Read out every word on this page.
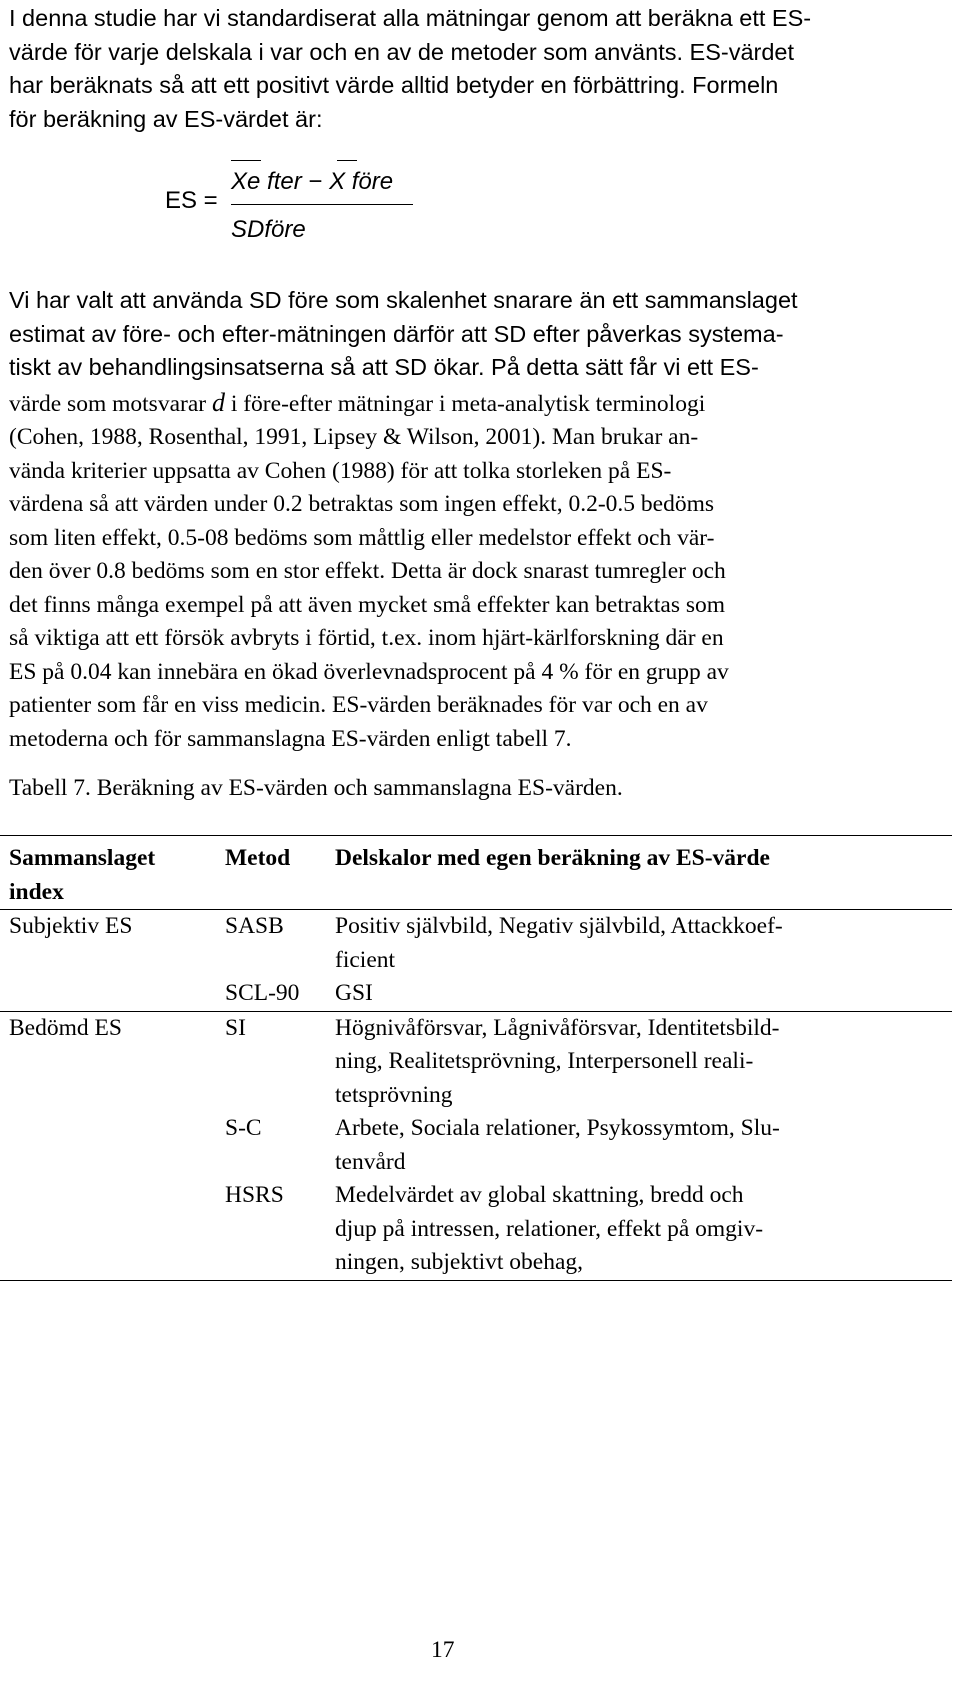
I denna studie har vi standardiserat alla mätningar genom att beräkna ett ES-
värde för varje delskala i var och en av de metoder som använts. ES-värdet
har beräknats så att ett positivt värde alltid betyder en förbättring. Formeln
för beräkning av ES-värdet är:

ES =
Xe fter − X före
SDföre

Vi har valt att använda SD före som skalenhet snarare än ett sammanslaget
estimat av före- och efter-mätningen därför att SD efter påverkas systema-
tiskt av behandlingsinsatserna så att SD ökar. På detta sätt får vi ett ES-
värde som motsvarar d i före-efter mätningar i meta-analytisk terminologi
(Cohen, 1988, Rosenthal, 1991, Lipsey & Wilson, 2001). Man brukar an-
vända kriterier uppsatta av Cohen (1988) för att tolka storleken på ES-
värdena så att värden under 0.2 betraktas som ingen effekt, 0.2-0.5 bedöms
som liten effekt, 0.5-08 bedöms som måttlig eller medelstor effekt och vär-
den över 0.8 bedöms som en stor effekt. Detta är dock snarast tumregler och
det finns många exempel på att även mycket små effekter kan betraktas som
så viktiga att ett försök avbryts i förtid, t.ex. inom hjärt-kärlforskning där en
ES på 0.04 kan innebära en ökad överlevnadsprocent på 4 % för en grupp av
patienter som får en viss medicin. ES-värden beräknades för var och en av
metoderna och för sammanslagna ES-värden enligt tabell 7.

Tabell 7. Beräkning av ES-värden och sammanslagna ES-värden.
Sammanslaget
index	Metod	Delskalor med egen beräkning av ES-värde
Subjektiv ES	SASB	Positiv självbild, Negativ självbild, Attackkoef-
ficient

	SCL-90	GSI

Bedömd ES	SI	Högnivåförsvar, Lågnivåförsvar, Identitetsbild-
ning, Realitetsprövning, Interpersonell reali-
tetsprövning

	S-C	Arbete, Sociala relationer, Psykossymtom, Slu-
tenvård

	HSRS	Medelvärdet av global skattning, bredd och
djup på intressen, relationer, effekt på omgiv-
ningen, subjektivt obehag,
17
